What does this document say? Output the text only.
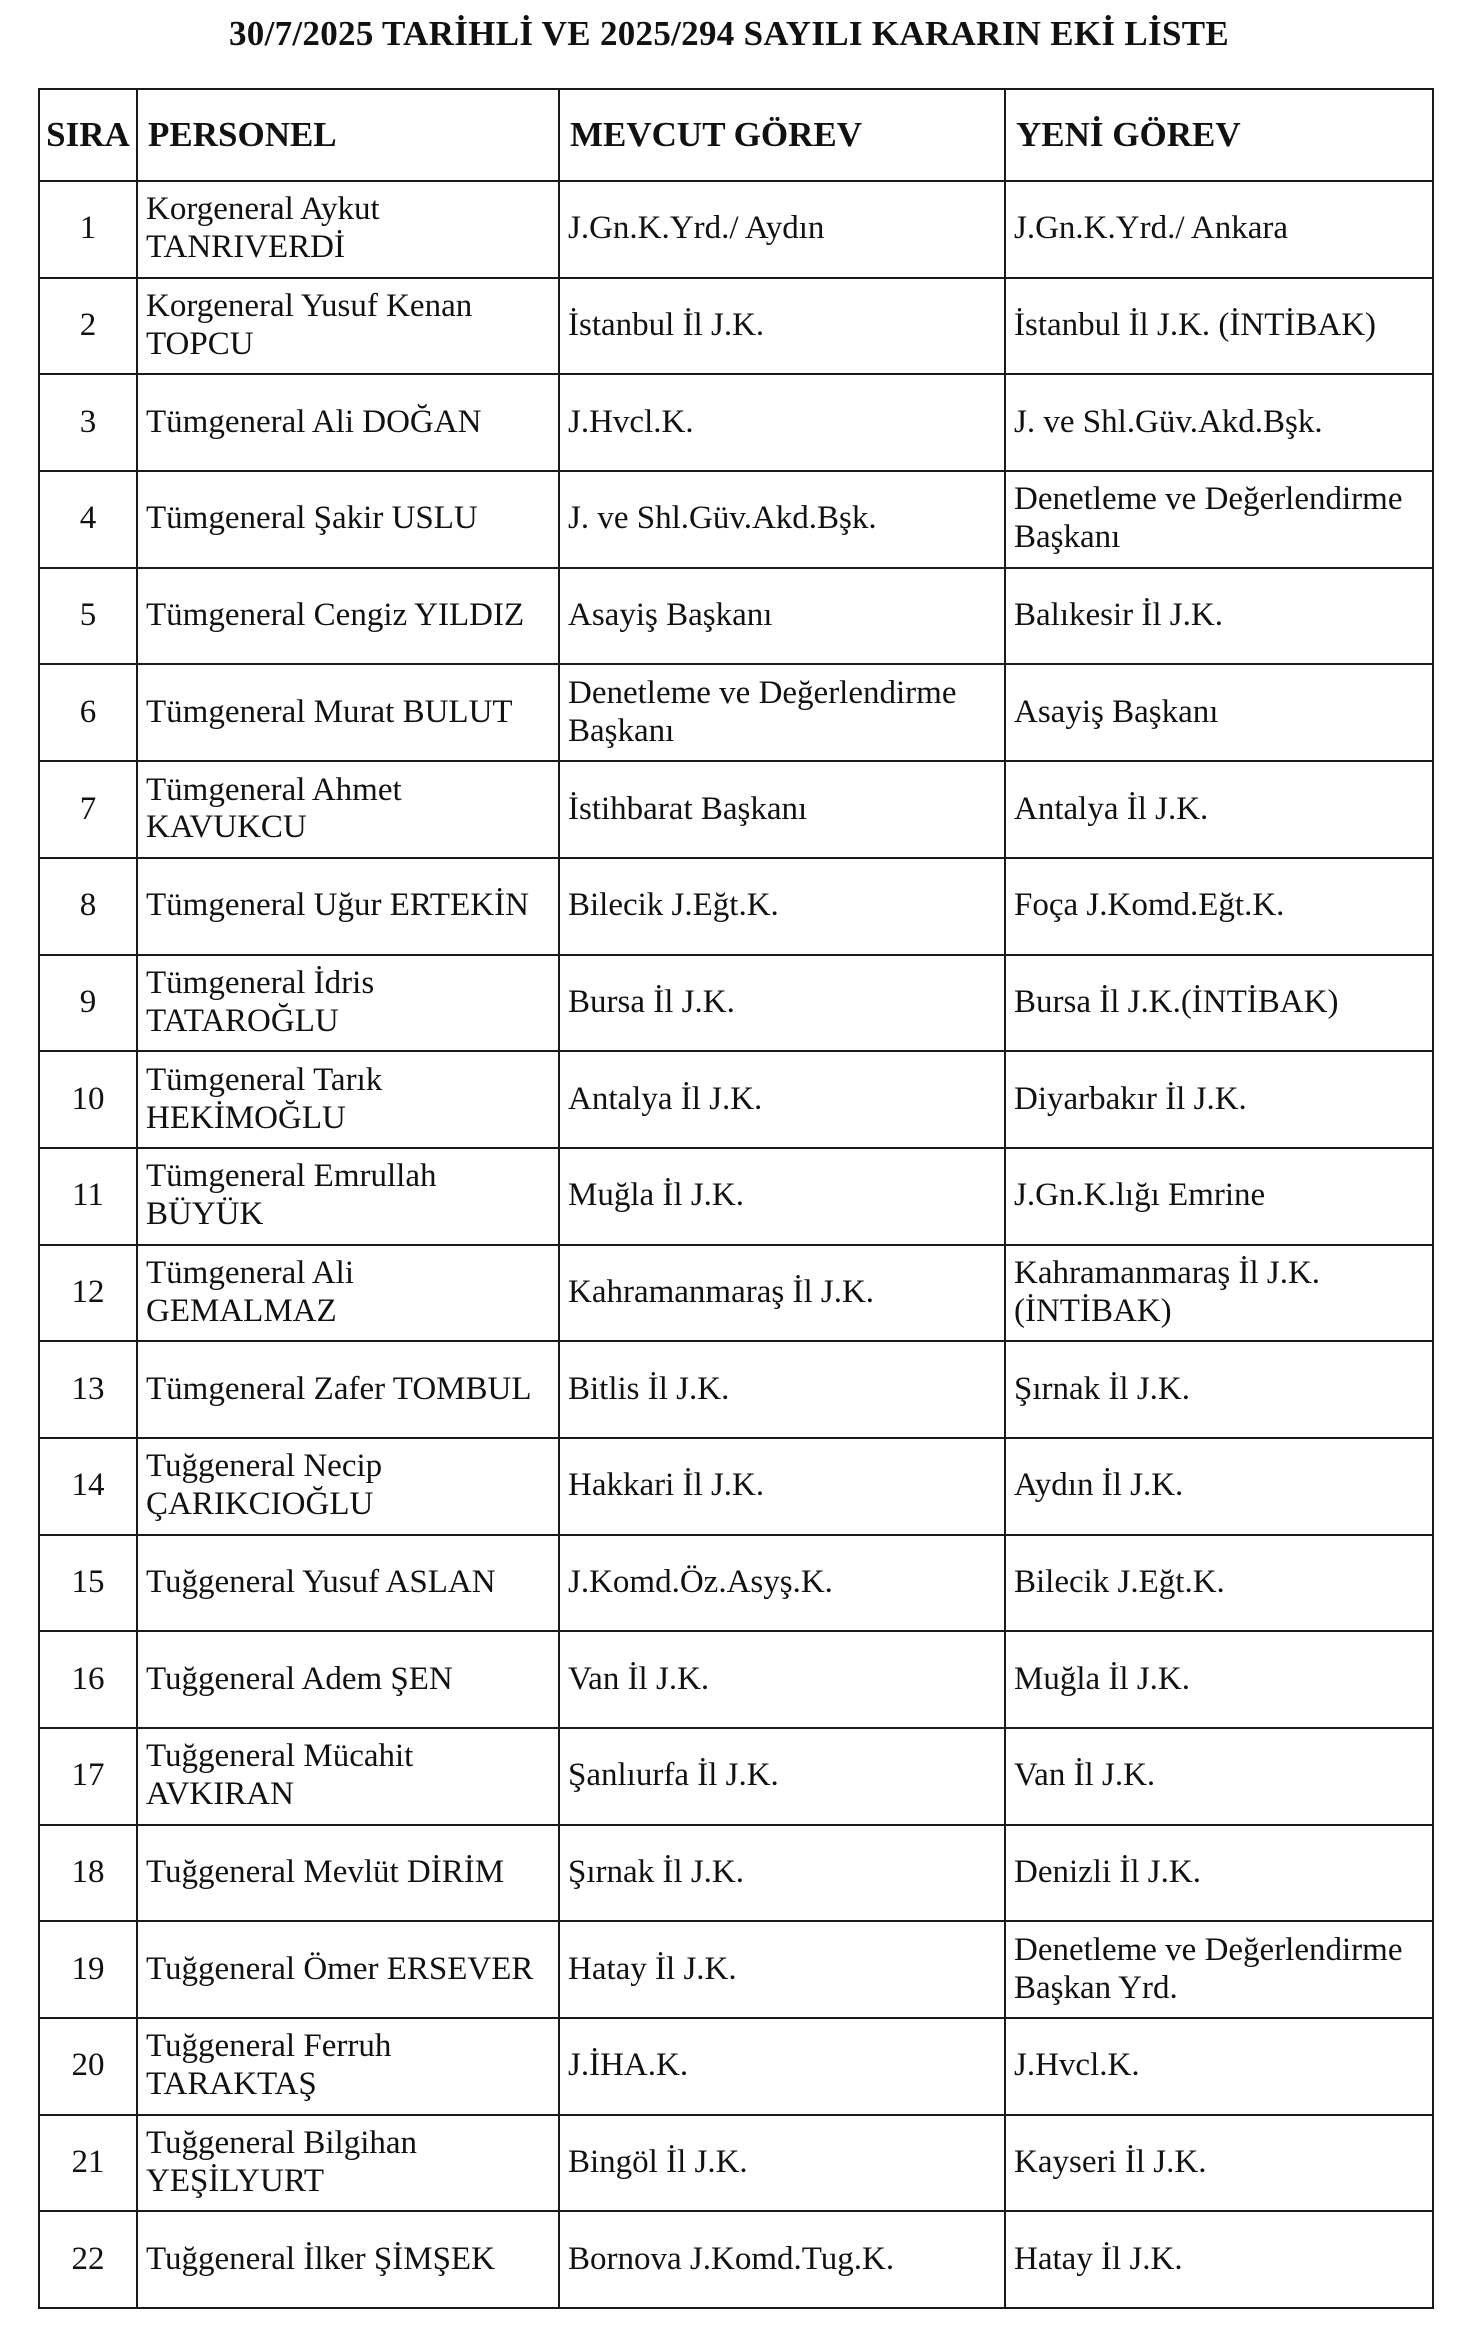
30/7/2025 TARİHLİ VE 2025/294 SAYILI KARARIN EKİ LİSTE
SIRA	PERSONEL	MEVCUT GÖREV	YENİ GÖREV
1	Korgeneral Aykut TANRIVERDİ	J.Gn.K.Yrd./ Aydın	J.Gn.K.Yrd./ Ankara
2	Korgeneral Yusuf Kenan TOPCU	İstanbul İl J.K.	İstanbul İl J.K. (İNTİBAK)
3	Tümgeneral Ali DOĞAN	J.Hvcl.K.	J. ve Shl.Güv.Akd.Bşk.
4	Tümgeneral Şakir USLU	J. ve Shl.Güv.Akd.Bşk.	Denetleme ve Değerlendirme Başkanı
5	Tümgeneral Cengiz YILDIZ	Asayiş Başkanı	Balıkesir İl J.K.
6	Tümgeneral Murat BULUT	Denetleme ve Değerlendirme Başkanı	Asayiş Başkanı
7	Tümgeneral Ahmet KAVUKCU	İstihbarat Başkanı	Antalya İl J.K.
8	Tümgeneral Uğur ERTEKİN	Bilecik J.Eğt.K.	Foça J.Komd.Eğt.K.
9	Tümgeneral İdris TATAROĞLU	Bursa İl J.K.	Bursa İl J.K.(İNTİBAK)
10	Tümgeneral Tarık HEKİMOĞLU	Antalya İl J.K.	Diyarbakır İl J.K.
11	Tümgeneral Emrullah BÜYÜK	Muğla İl J.K.	J.Gn.K.lığı Emrine
12	Tümgeneral Ali GEMALMAZ	Kahramanmaraş İl J.K.	Kahramanmaraş İl J.K. (İNTİBAK)
13	Tümgeneral Zafer TOMBUL	Bitlis İl J.K.	Şırnak İl J.K.
14	Tuğgeneral Necip ÇARIKCIOĞLU	Hakkari İl J.K.	Aydın İl J.K.
15	Tuğgeneral Yusuf ASLAN	J.Komd.Öz.Asyş.K.	Bilecik J.Eğt.K.
16	Tuğgeneral Adem ŞEN	Van İl J.K.	Muğla İl J.K.
17	Tuğgeneral Mücahit AVKIRAN	Şanlıurfa İl J.K.	Van İl J.K.
18	Tuğgeneral Mevlüt DİRİM	Şırnak İl J.K.	Denizli İl J.K.
19	Tuğgeneral Ömer ERSEVER	Hatay İl J.K.	Denetleme ve Değerlendirme Başkan Yrd.
20	Tuğgeneral Ferruh TARAKTAŞ	J.İHA.K.	J.Hvcl.K.
21	Tuğgeneral Bilgihan YEŞİLYURT	Bingöl İl J.K.	Kayseri İl J.K.
22	Tuğgeneral İlker ŞİMŞEK	Bornova J.Komd.Tug.K.	Hatay İl J.K.
